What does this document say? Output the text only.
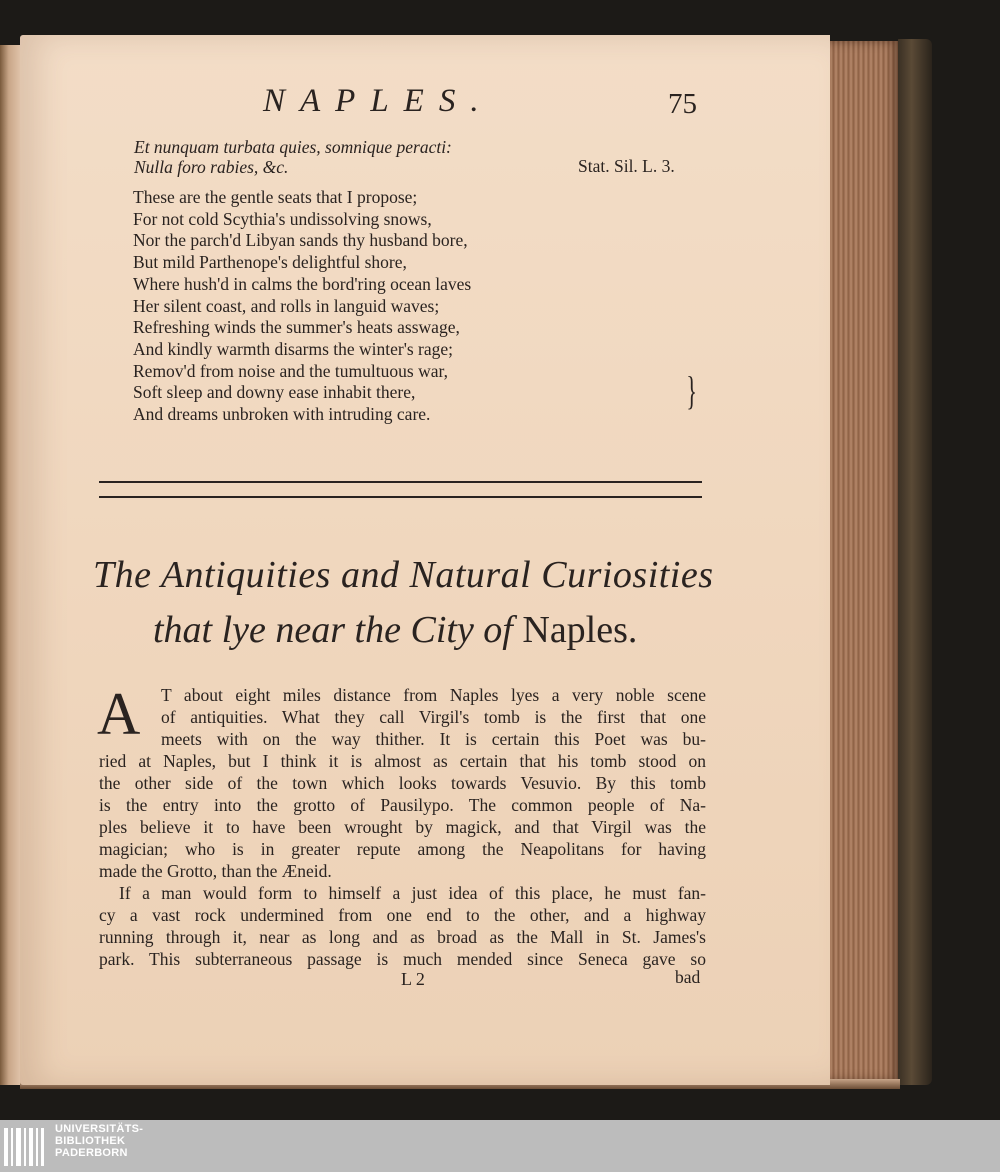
NAPLES.	75
Et nunquam turbata quies, somnique peracti:
Nulla foro rabies, &c.	Stat. Sil. L. 3.
These are the gentle seats that I propose;
For not cold Scythia's undissolving snows,
Nor the parch'd Libyan sands thy husband bore,
But mild Parthenope's delightful shore,
Where hush'd in calms the bord'ring ocean laves
Her silent coast, and rolls in languid waves;
Refreshing winds the summer's heats asswage,
And kindly warmth disarms the winter's rage;
Remov'd from noise and the tumultuous war,
Soft sleep and downy ease inhabit there,
And dreams unbroken with intruding care.
}
The Antiquities and Natural Curiosities
that lye near the City of Naples.
A T about eight miles distance from Naples lyes a very noble scene
of antiquities. What they call Virgil's tomb is the first that one
meets with on the way thither. It is certain this Poet was bu-
ried at Naples, but I think it is almost as certain that his tomb stood on
the other side of the town which looks towards Vesuvio. By this tomb
is the entry into the grotto of Pausilypo. The common people of Na-
ples believe it to have been wrought by magick, and that Virgil was the
magician; who is in greater repute among the Neapolitans for having
made the Grotto, than the Æneid.
If a man would form to himself a just idea of this place, he must fan-
cy a vast rock undermined from one end to the other, and a highway
running through it, near as long and as broad as the Mall in St. James's
park. This subterraneous passage is much mended since Seneca gave so
L 2	bad
UNIVERSITÄTS-
BIBLIOTHEK
PADERBORN
